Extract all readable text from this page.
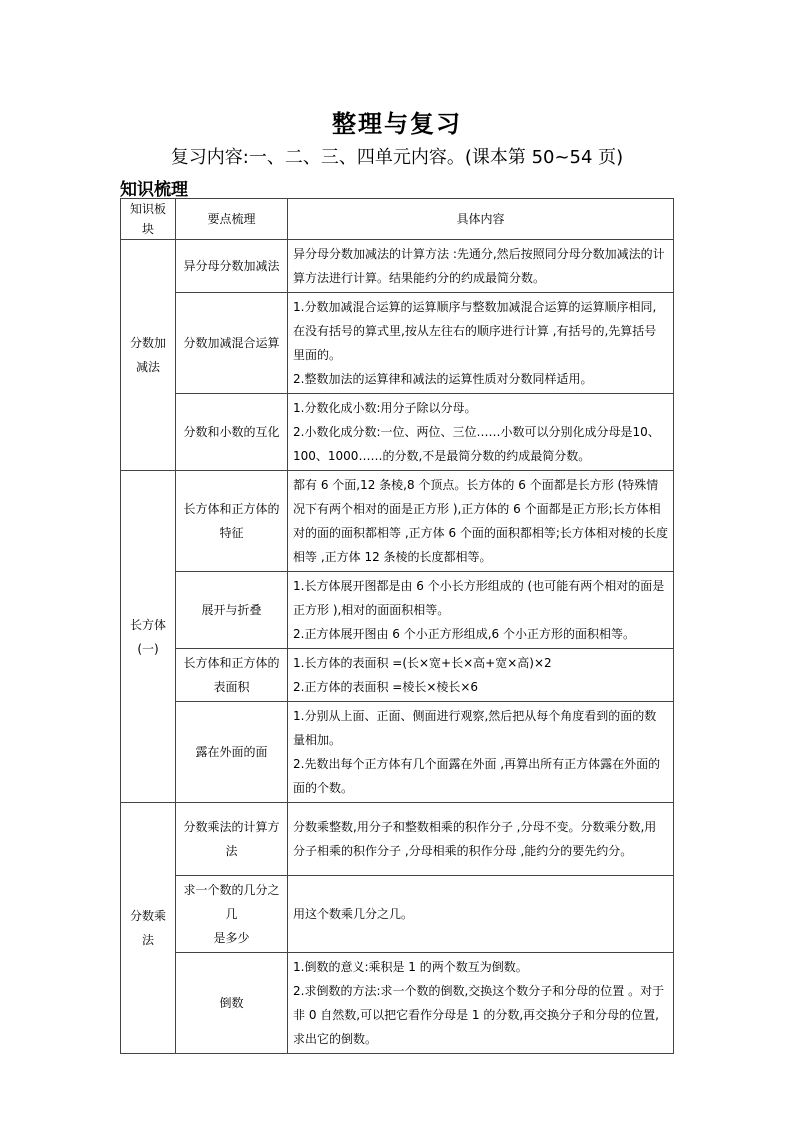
整理与复习
复习内容:一、二、三、四单元内容。(课本第 50~54 页)
知识梳理
知识板块	要点梳理	具体内容
分数加减法	异分母分数加减法	异分母分数加减法的计算方法 :先通分,然后按照同分母分数加减法的计算方法进行计算。结果能约分的约成最简分数。

	分数加减混合运算	1.分数加减混合运算的运算顺序与整数加减混合运算的运算顺序相同,在没有括号的算式里,按从左往右的顺序进行计算 ,有括号的,先算括号里面的。
2.整数加法的运算律和减法的运算性质对分数同样适用。

	分数和小数的互化	1.分数化成小数:用分子除以分母。
2.小数化成分数:一位、两位、三位……小数可以分别化成分母是10、100、1000……的分数,不是最简分数的约成最简分数。

长方体(一)	长方体和正方体的特征	都有 6 个面,12 条棱,8 个顶点。长方体的 6 个面都是长方形 (特殊情况下有两个相对的面是正方形 ),正方体的 6 个面都是正方形;长方体相对的面的面积都相等 ,正方体 6 个面的面积都相等;长方体相对棱的长度相等 ,正方体 12 条棱的长度都相等。

	展开与折叠	1.长方体展开图都是由 6 个小长方形组成的 (也可能有两个相对的面是正方形 ),相对的面面积相等。
2.正方体展开图由 6 个小正方形组成,6 个小正方形的面积相等。

	长方体和正方体的表面积	1.长方体的表面积 =(长×宽+长×高+宽×高)×2
2.正方体的表面积 =棱长×棱长×6

	露在外面的面	1.分别从上面、正面、侧面进行观察,然后把从每个角度看到的面的数量相加。
2.先数出每个正方体有几个面露在外面 ,再算出所有正方体露在外面的面的个数。

分数乘法	分数乘法的计算方法	分数乘整数,用分子和整数相乘的积作分子 ,分母不变。分数乘分数,用分子相乘的积作分子 ,分母相乘的积作分母 ,能约分的要先约分。

	求一个数的几分之几
是多少	用这个数乘几分之几。

	倒数	1.倒数的意义:乘积是 1 的两个数互为倒数。
2.求倒数的方法:求一个数的倒数,交换这个数分子和分母的位置 。对于非 0 自然数,可以把它看作分母是 1 的分数,再交换分子和分母的位置,求出它的倒数。
